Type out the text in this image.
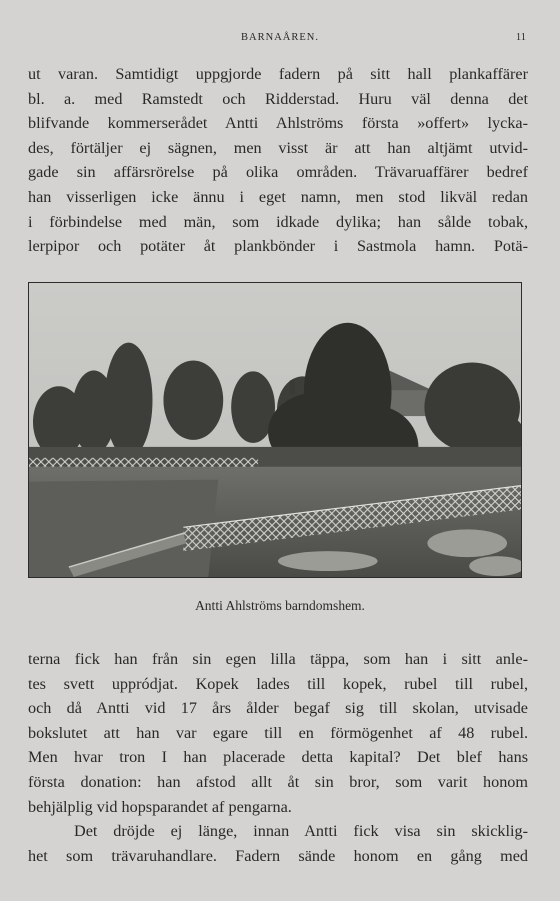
BARNAÅREN.	11
ut varan. Samtidigt uppgjorde fadern på sitt hall plankaffärer
bl. a. med Ramstedt och Ridderstad. Huru väl denna det
blifvande kommerserådet Antti Ahlströms första »offert» lycka-
des, förtäljer ej sägnen, men visst är att han altjämt utvid-
gade sin affärsrörelse på olika områden. Trävaruaffärer bedref
han visserligen icke ännu i eget namn, men stod likväl redan
i förbindelse med män, som idkade dylika; han sålde tobak,
lerpipor och potäter åt plankbönder i Sastmola hamn. Potä-
Antti Ahlströms barndomshem.
terna fick han från sin egen lilla täppa, som han i sitt anle-
tes svett uppródjat. Kopek lades till kopek, rubel till rubel,
och då Antti vid 17 års ålder begaf sig till skolan, utvisade
bokslutet att han var egare till en förmögenhet af 48 rubel.
Men hvar tron I han placerade detta kapital? Det blef hans
första donation: han afstod allt åt sin bror, som varit honom
behjälplig vid hopsparandet af pengarna.
Det dröjde ej länge, innan Antti fick visa sin skicklig-
het som trävaruhandlare. Fadern sände honom en gång med
